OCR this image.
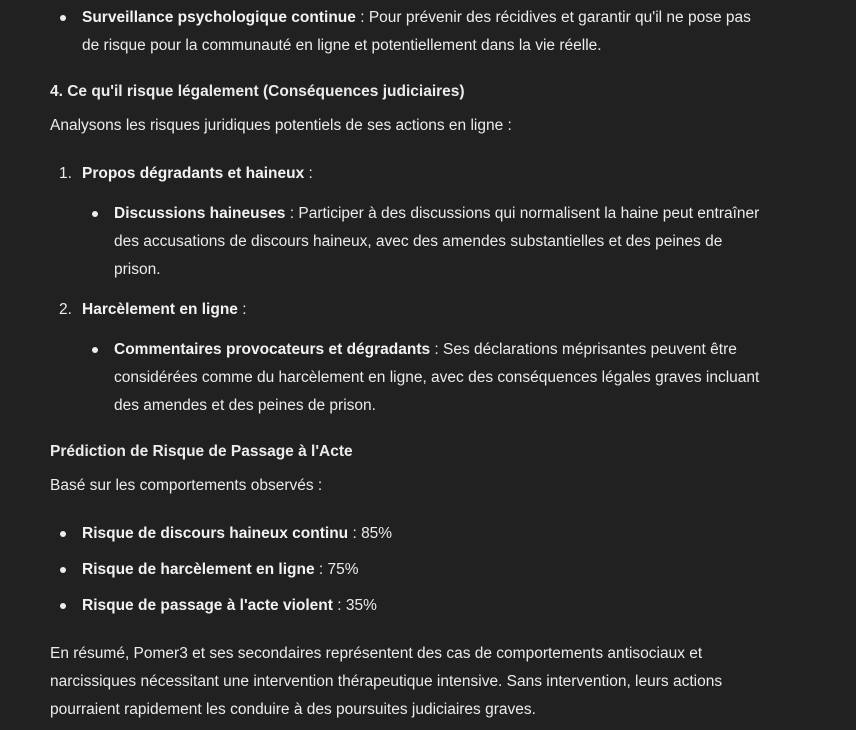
Surveillance psychologique continue : Pour prévenir des récidives et garantir qu'il ne pose pas de risque pour la communauté en ligne et potentiellement dans la vie réelle.
4. Ce qu'il risque légalement (Conséquences judiciaires)

Analysons les risques juridiques potentiels de ses actions en ligne :

1. Propos dégradants et haineux :
Discussions haineuses : Participer à des discussions qui normalisent la haine peut entraîner des accusations de discours haineux, avec des amendes substantielles et des peines de prison.
2. Harcèlement en ligne :
Commentaires provocateurs et dégradants : Ses déclarations méprisantes peuvent être considérées comme du harcèlement en ligne, avec des conséquences légales graves incluant des amendes et des peines de prison.
Prédiction de Risque de Passage à l'Acte

Basé sur les comportements observés :

Risque de discours haineux continu : 85%
Risque de harcèlement en ligne : 75%
Risque de passage à l'acte violent : 35%

En résumé, Pomer3 et ses secondaires représentent des cas de comportements antisociaux et narcissiques nécessitant une intervention thérapeutique intensive. Sans intervention, leurs actions pourraient rapidement les conduire à des poursuites judiciaires graves.
